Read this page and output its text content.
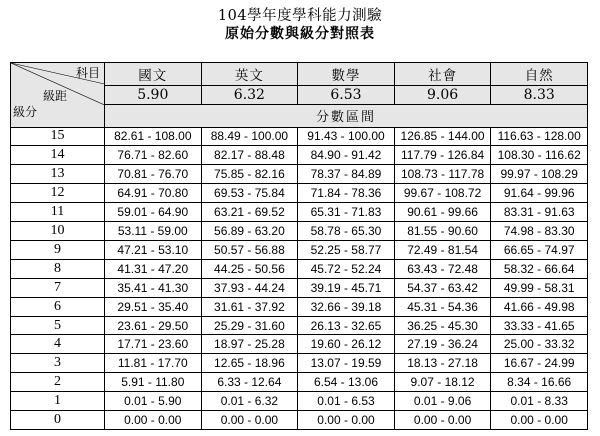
104學年度學科能力測驗
原始分數與級分對照表
科目
級距
級分	國文	英文	數學	社會	自然
	5.90	6.32	6.53	9.06	8.33
	分數區間				
15	82.61 - 108.00	88.49 - 100.00	91.43 - 100.00	126.85 - 144.00	116.63 - 128.00
14	76.71 - 82.60	82.17 - 88.48	84.90 - 91.42	117.79 - 126.84	108.30 - 116.62
13	70.81 - 76.70	75.85 - 82.16	78.37 - 84.89	108.73 - 117.78	99.97 - 108.29
12	64.91 - 70.80	69.53 - 75.84	71.84 - 78.36	99.67 - 108.72	91.64 - 99.96
11	59.01 - 64.90	63.21 - 69.52	65.31 - 71.83	90.61 - 99.66	83.31 - 91.63
10	53.11 - 59.00	56.89 - 63.20	58.78 - 65.30	81.55 - 90.60	74.98 - 83.30
9	47.21 - 53.10	50.57 - 56.88	52.25 - 58.77	72.49 - 81.54	66.65 - 74.97
8	41.31 - 47.20	44.25 - 50.56	45.72 - 52.24	63.43 - 72.48	58.32 - 66.64
7	35.41 - 41.30	37.93 - 44.24	39.19 - 45.71	54.37 - 63.42	49.99 - 58.31
6	29.51 - 35.40	31.61 - 37.92	32.66 - 39.18	45.31 - 54.36	41.66 - 49.98
5	23.61 - 29.50	25.29 - 31.60	26.13 - 32.65	36.25 - 45.30	33.33 - 41.65
4	17.71 - 23.60	18.97 - 25.28	19.60 - 26.12	27.19 - 36.24	25.00 - 33.32
3	11.81 - 17.70	12.65 - 18.96	13.07 - 19.59	18.13 - 27.18	16.67 - 24.99
2	5.91 - 11.80	6.33 - 12.64	6.54 - 13.06	9.07 - 18.12	8.34 - 16.66
1	0.01 - 5.90	0.01 - 6.32	0.01 - 6.53	0.01 - 9.06	0.01 - 8.33
0	0.00 - 0.00	0.00 - 0.00	0.00 - 0.00	0.00 - 0.00	0.00 - 0.00
